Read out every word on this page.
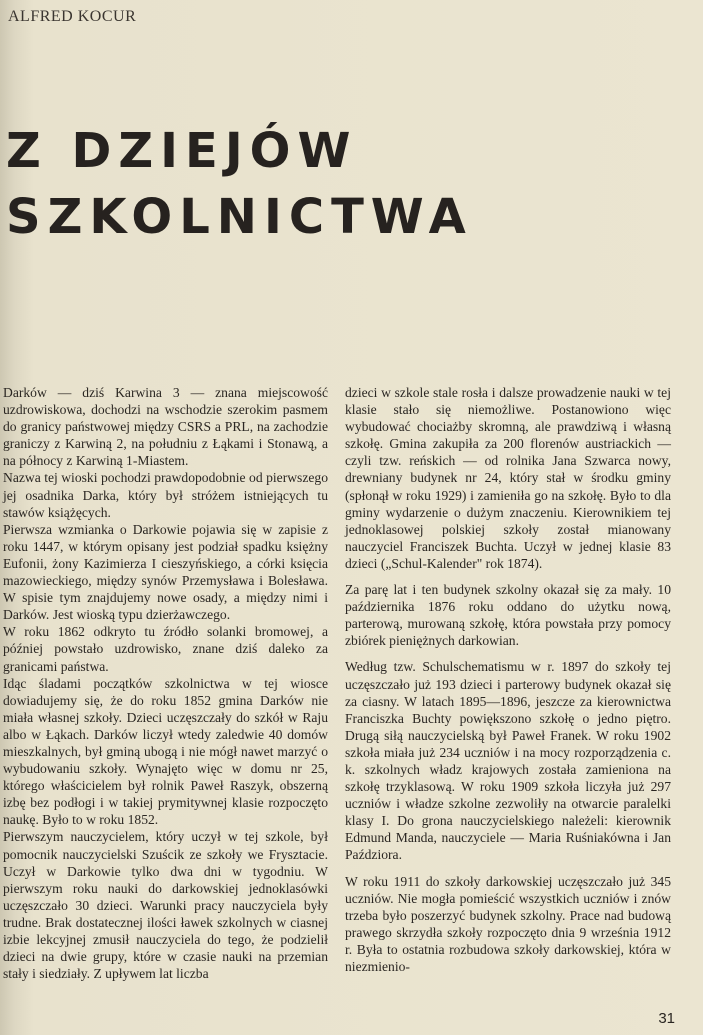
ALFRED KOCUR
Z DZIEJÓW
SZKOLNICTWA

Darków — dziś Karwina 3 — znana miejscowość uzdrowiskowa, dochodzi na wschodzie szerokim pasmem do granicy państwowej między CSRS a PRL, na zachodzie graniczy z Karwiną 2, na południu z Łąkami i Stonawą, a na północy z Karwiną 1-Miastem.

Nazwa tej wioski pochodzi prawdopodobnie od pierwszego jej osadnika Darka, który był stróżem istniejących tu stawów książęcych.

Pierwsza wzmianka o Darkowie pojawia się w zapisie z roku 1447, w którym opisany jest podział spadku księżny Eufonii, żony Kazimierza I cieszyńskiego, a córki księcia mazowieckiego, między synów Przemysława i Bolesława. W spisie tym znajdujemy nowe osady, a między nimi i Darków. Jest wioską typu dzierżawczego.

W roku 1862 odkryto tu źródło solanki bromowej, a później powstało uzdrowisko, znane dziś daleko za granicami państwa.

Idąc śladami początków szkolnictwa w tej wiosce dowiadujemy się, że do roku 1852 gmina Darków nie miała własnej szkoły. Dzieci uczęszczały do szkół w Raju albo w Łąkach. Darków liczył wtedy zaledwie 40 domów mieszkalnych, był gminą ubogą i nie mógł nawet marzyć o wybudowaniu szkoły. Wynajęto więc w domu nr 25, którego właścicielem był rolnik Paweł Raszyk, obszerną izbę bez podłogi i w takiej prymitywnej klasie rozpoczęto naukę. Było to w roku 1852.

Pierwszym nauczycielem, który uczył w tej szkole, był pomocnik nauczycielski Szuścik ze szkoły we Frysztacie. Uczył w Darkowie tylko dwa dni w tygodniu. W pierwszym roku nauki do darkowskiej jednoklasówki uczęszczało 30 dzieci. Warunki pracy nauczyciela były trudne. Brak dostatecznej ilości ławek szkolnych w ciasnej izbie lekcyjnej zmusił nauczyciela do tego, że podzielił dzieci na dwie grupy, które w czasie nauki na przemian stały i siedziały. Z upływem lat liczba

dzieci w szkole stale rosła i dalsze prowadzenie nauki w tej klasie stało się niemożliwe. Postanowiono więc wybudować chociażby skromną, ale prawdziwą i własną szkołę. Gmina zakupiła za 200 florenów austriackich — czyli tzw. reńskich — od rolnika Jana Szwarca nowy, drewniany budynek nr 24, który stał w środku gminy (spłonął w roku 1929) i zamieniła go na szkołę. Było to dla gminy wydarzenie o dużym znaczeniu. Kierownikiem tej jednoklasowej polskiej szkoły został mianowany nauczyciel Franciszek Buchta. Uczył w jednej klasie 83 dzieci („Schul-Kalender" rok 1874).

Za parę lat i ten budynek szkolny okazał się za mały. 10 października 1876 roku oddano do użytku nową, parterową, murowaną szkołę, która powstała przy pomocy zbiórek pieniężnych darkowian.

Według tzw. Schulschematismu w r. 1897 do szkoły tej uczęszczało już 193 dzieci i parterowy budynek okazał się za ciasny. W latach 1895—1896, jeszcze za kierownictwa Franciszka Buchty powiększono szkołę o jedno piętro. Drugą siłą nauczycielską był Paweł Franek. W roku 1902 szkoła miała już 234 uczniów i na mocy rozporządzenia c. k. szkolnych władz krajowych została zamieniona na szkołę trzyklasową. W roku 1909 szkoła liczyła już 297 uczniów i władze szkolne zezwoliły na otwarcie paralelki klasy I. Do grona nauczycielskiego należeli: kierownik Edmund Manda, nauczyciele — Maria Ruśniakówna i Jan Paździora.

W roku 1911 do szkoły darkowskiej uczęszczało już 345 uczniów. Nie mogła pomieścić wszystkich uczniów i znów trzeba było poszerzyć budynek szkolny. Prace nad budową prawego skrzydła szkoły rozpoczęto dnia 9 września 1912 r. Była to ostatnia rozbudowa szkoły darkowskiej, która w niezmienio-

31
